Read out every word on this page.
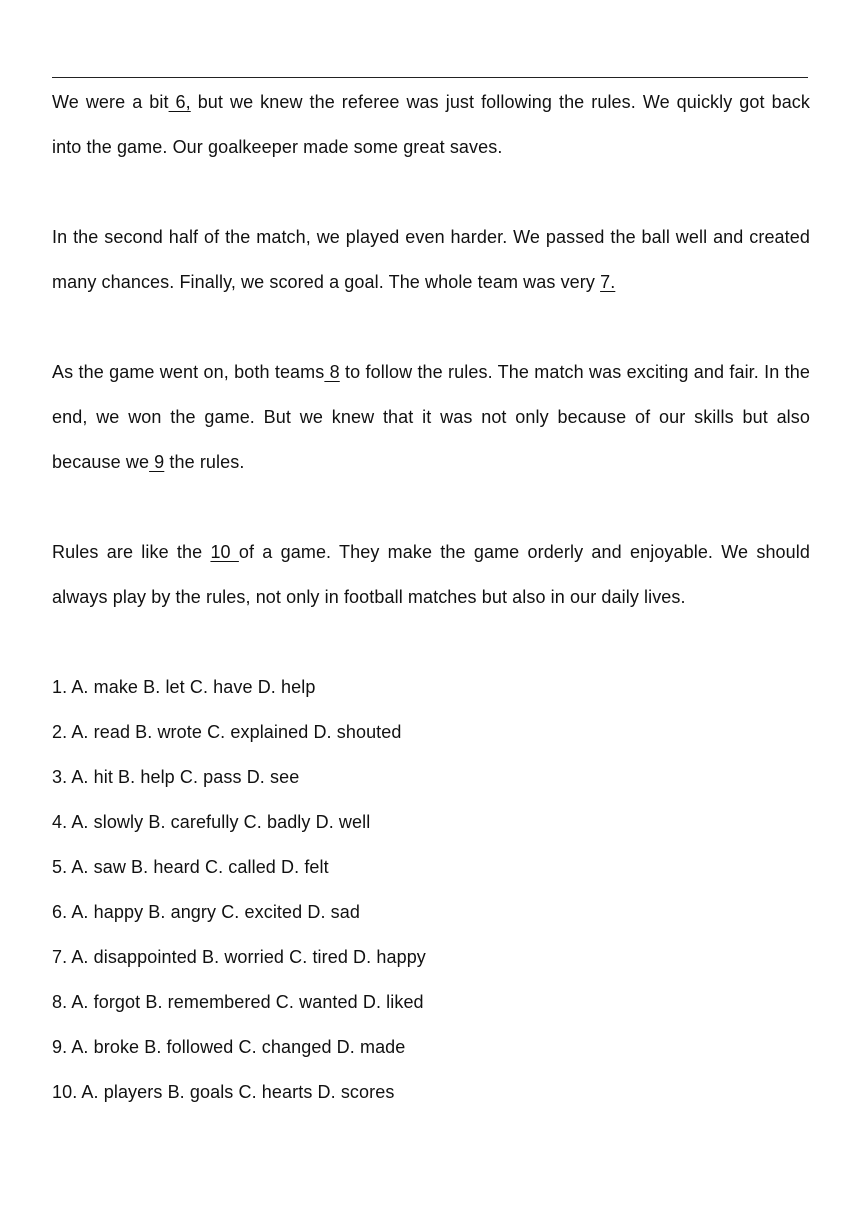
We were a bit 6, but we knew the referee was just following the rules. We quickly got back into the game. Our goalkeeper made some great saves.

In the second half of the match, we played even harder. We passed the ball well and created many chances. Finally, we scored a goal. The whole team was very 7.

As the game went on, both teams 8 to follow the rules. The match was exciting and fair. In the end, we won the game. But we knew that it was not only because of our skills but also because we 9 the rules.

Rules are like the 10 of a game. They make the game orderly and enjoyable. We should always play by the rules, not only in football matches but also in our daily lives.

1. A. make B. let C. have D. help

2. A. read B. wrote C. explained D. shouted

3. A. hit B. help C. pass D. see

4. A. slowly B. carefully C. badly D. well

5. A. saw B. heard C. called D. felt

6. A. happy B. angry C. excited D. sad

7. A. disappointed B. worried C. tired D. happy

8. A. forgot B. remembered C. wanted D. liked

9. A. broke B. followed C. changed D. made

10. A. players B. goals C. hearts D. scores
